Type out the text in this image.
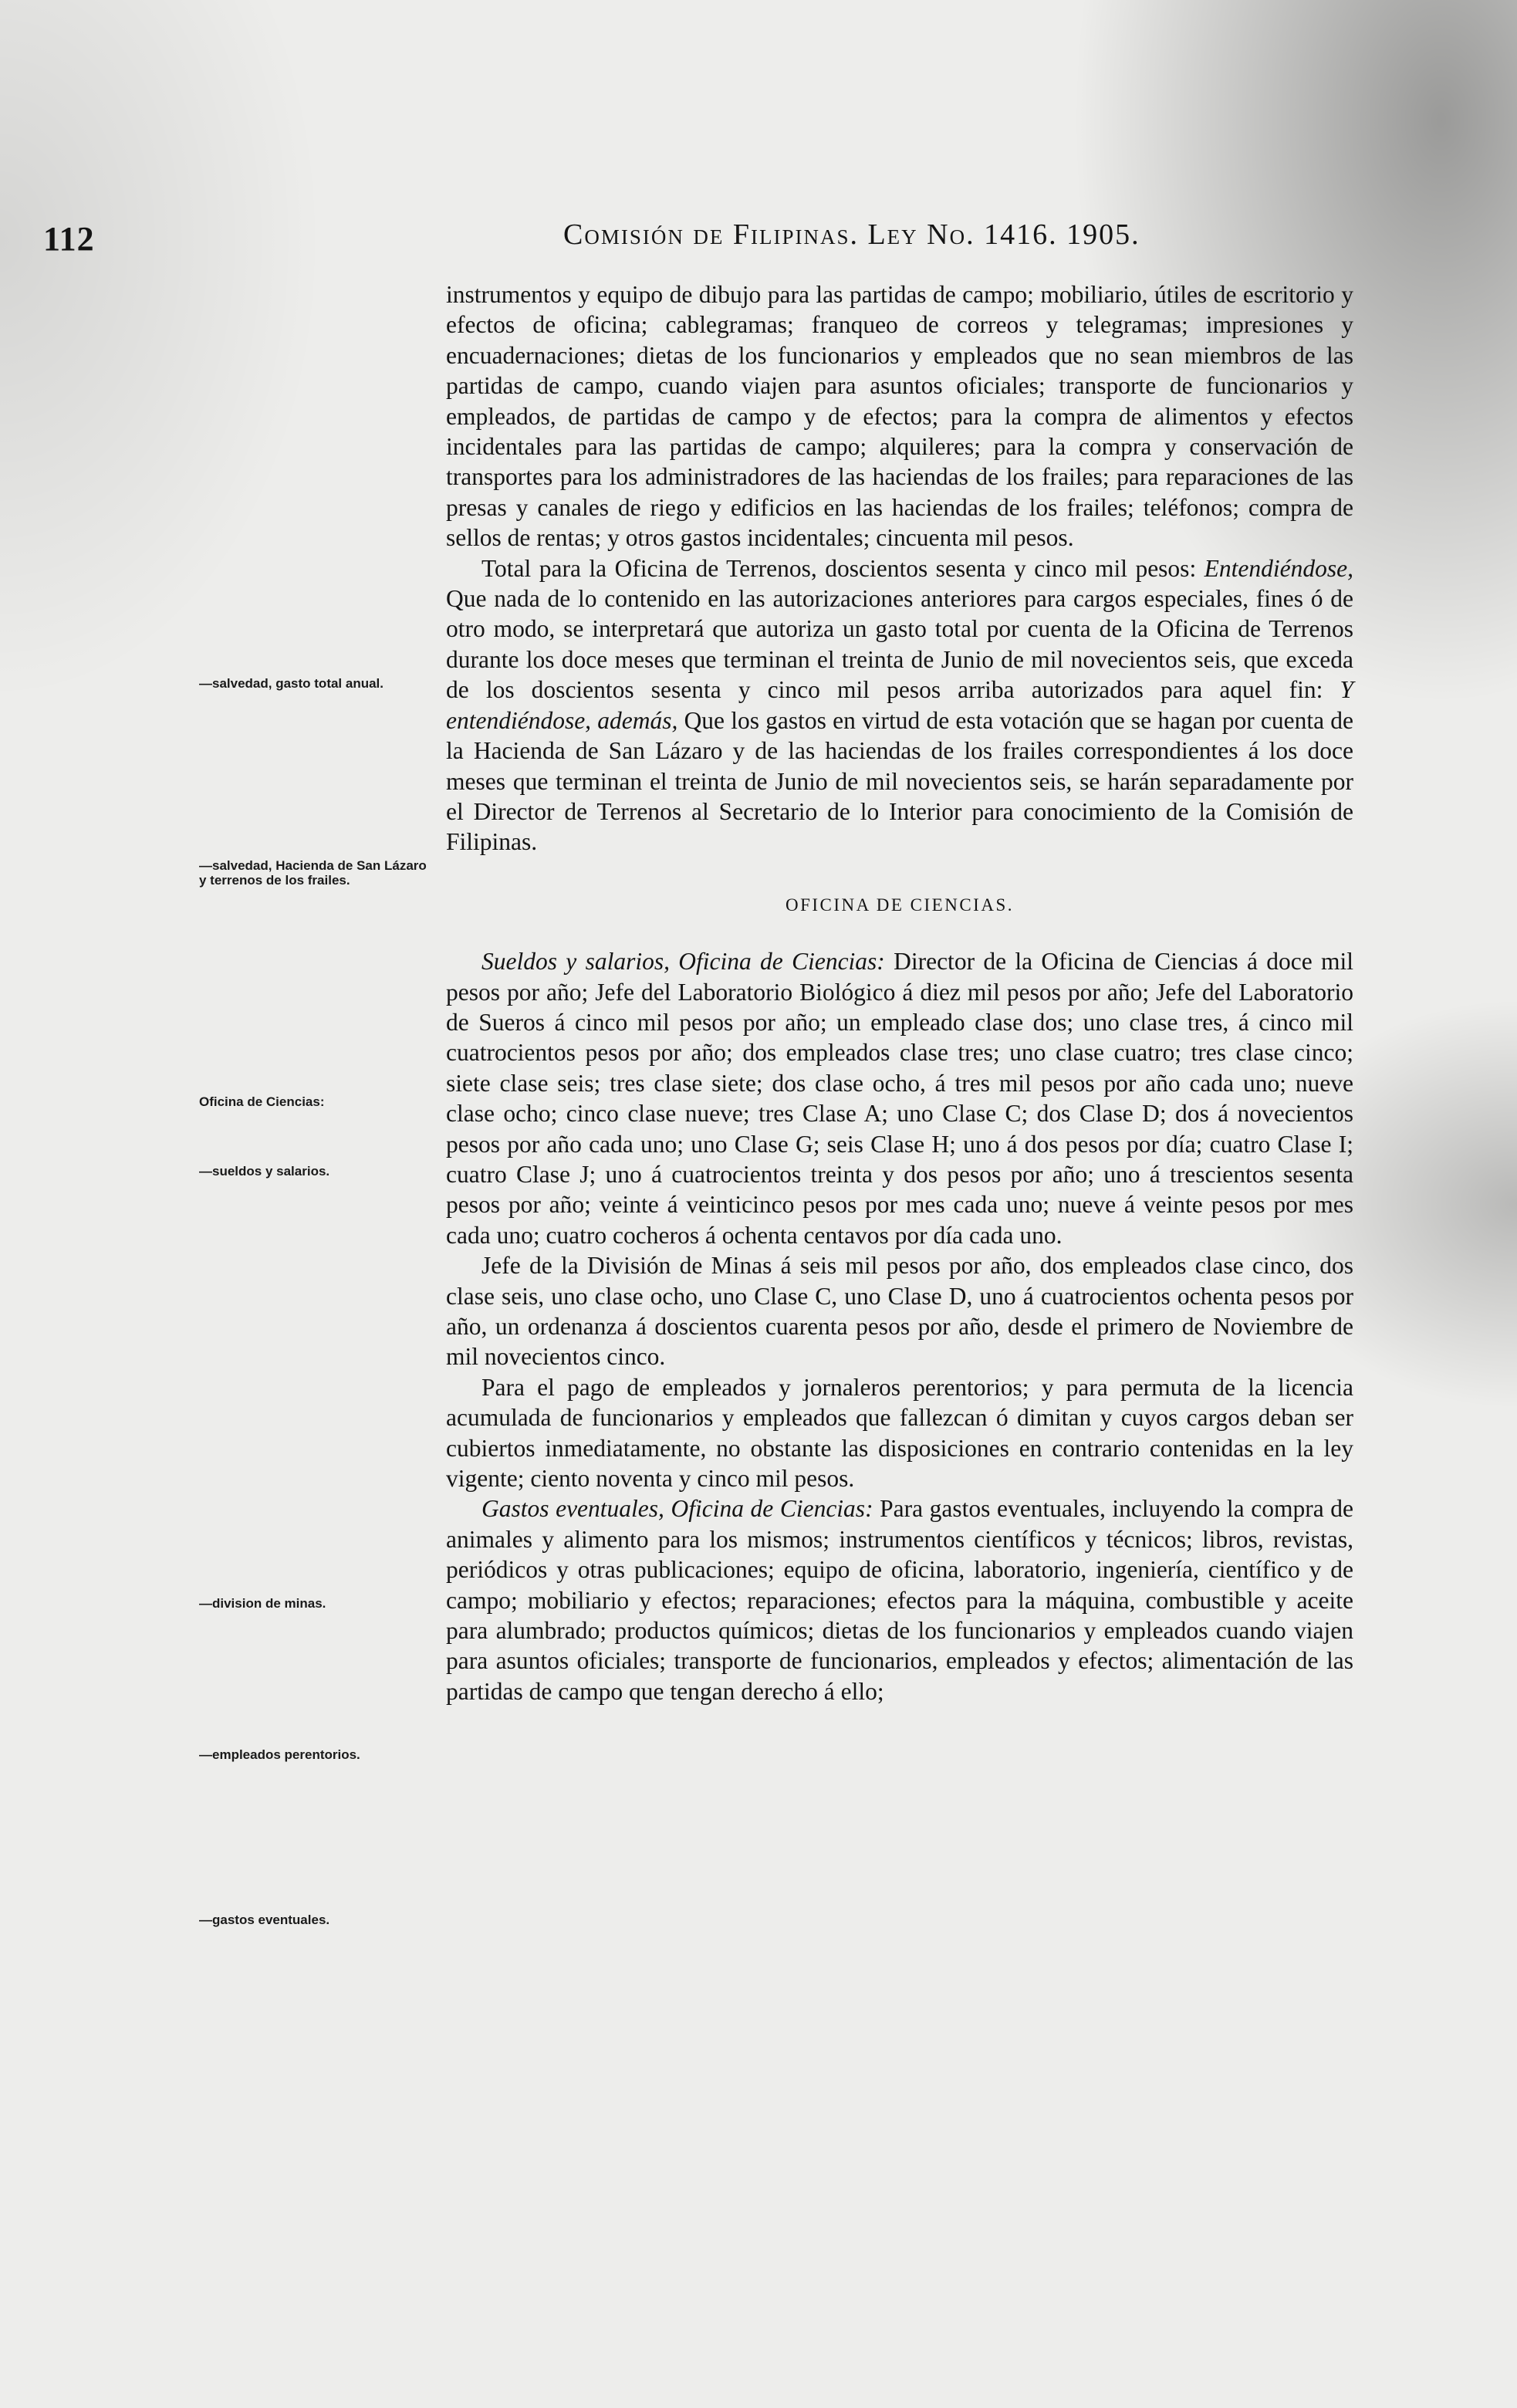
112	Comisión de Filipinas. Ley No. 1416. 1905.
—salvedad, gasto total anual.
—salvedad, Hacienda de San Lázaro y terrenos de los frailes.
Oficina de Ciencias:
—sueldos y salarios.
—division de minas.
—empleados perentorios.
—gastos eventuales.

instrumentos y equipo de dibujo para las partidas de campo; mobiliario, útiles de escritorio y efectos de oficina; cablegramas; franqueo de correos y telegramas; impresiones y encuadernaciones; dietas de los funcionarios y empleados que no sean miembros de las partidas de campo, cuando viajen para asuntos oficiales; transporte de funcionarios y empleados, de partidas de campo y de efectos; para la compra de alimentos y efectos incidentales para las partidas de campo; alquileres; para la compra y conservación de transportes para los administradores de las haciendas de los frailes; para reparaciones de las presas y canales de riego y edificios en las haciendas de los frailes; teléfonos; compra de sellos de rentas; y otros gastos incidentales; cincuenta mil pesos.

Total para la Oficina de Terrenos, doscientos sesenta y cinco mil pesos: Entendiéndose, Que nada de lo contenido en las autorizaciones anteriores para cargos especiales, fines ó de otro modo, se interpretará que autoriza un gasto total por cuenta de la Oficina de Terrenos durante los doce meses que terminan el treinta de Junio de mil novecientos seis, que exceda de los doscientos sesenta y cinco mil pesos arriba autorizados para aquel fin: Y entendiéndose, además, Que los gastos en virtud de esta votación que se hagan por cuenta de la Hacienda de San Lázaro y de las haciendas de los frailes correspondientes á los doce meses que terminan el treinta de Junio de mil novecientos seis, se harán separadamente por el Director de Terrenos al Secretario de lo Interior para conocimiento de la Comisión de Filipinas.

OFICINA DE CIENCIAS.

Sueldos y salarios, Oficina de Ciencias: Director de la Oficina de Ciencias á doce mil pesos por año; Jefe del Laboratorio Biológico á diez mil pesos por año; Jefe del Laboratorio de Sueros á cinco mil pesos por año; un empleado clase dos; uno clase tres, á cinco mil cuatrocientos pesos por año; dos empleados clase tres; uno clase cuatro; tres clase cinco; siete clase seis; tres clase siete; dos clase ocho, á tres mil pesos por año cada uno; nueve clase ocho; cinco clase nueve; tres Clase A; uno Clase C; dos Clase D; dos á novecientos pesos por año cada uno; uno Clase G; seis Clase H; uno á dos pesos por día; cuatro Clase I; cuatro Clase J; uno á cuatrocientos treinta y dos pesos por año; uno á trescientos sesenta pesos por año; veinte á veinticinco pesos por mes cada uno; nueve á veinte pesos por mes cada uno; cuatro cocheros á ochenta centavos por día cada uno.

Jefe de la División de Minas á seis mil pesos por año, dos empleados clase cinco, dos clase seis, uno clase ocho, uno Clase C, uno Clase D, uno á cuatrocientos ochenta pesos por año, un ordenanza á doscientos cuarenta pesos por año, desde el primero de Noviembre de mil novecientos cinco.

Para el pago de empleados y jornaleros perentorios; y para permuta de la licencia acumulada de funcionarios y empleados que fallezcan ó dimitan y cuyos cargos deban ser cubiertos inmediatamente, no obstante las disposiciones en contrario contenidas en la ley vigente; ciento noventa y cinco mil pesos.

Gastos eventuales, Oficina de Ciencias: Para gastos eventuales, incluyendo la compra de animales y alimento para los mismos; instrumentos científicos y técnicos; libros, revistas, periódicos y otras publicaciones; equipo de oficina, laboratorio, ingeniería, científico y de campo; mobiliario y efectos; reparaciones; efectos para la máquina, combustible y aceite para alumbrado; productos químicos; dietas de los funcionarios y empleados cuando viajen para asuntos oficiales; transporte de funcionarios, empleados y efectos; alimentación de las partidas de campo que tengan derecho á ello;
